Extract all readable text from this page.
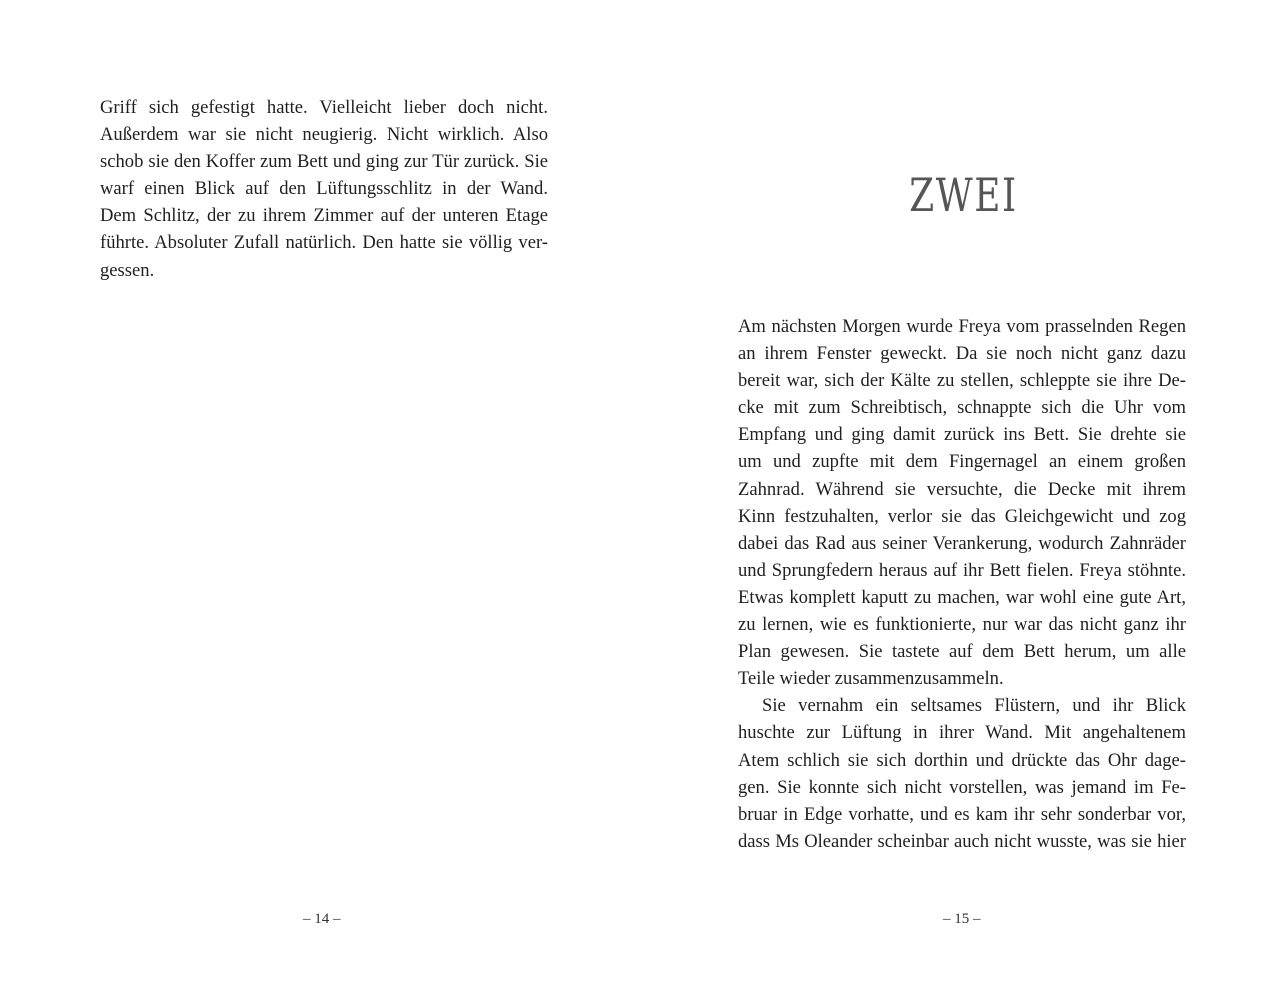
Griff sich gefestigt hatte. Vielleicht lieber doch nicht.
Außerdem war sie nicht neugierig. Nicht wirklich. Also
schob sie den Koffer zum Bett und ging zur Tür zurück. Sie
warf einen Blick auf den Lüftungsschlitz in der Wand.
Dem Schlitz, der zu ihrem Zimmer auf der unteren Etage
führte. Absoluter Zufall natürlich. Den hatte sie völlig ver-
gessen.
– 14 –
ZWEI
Am nächsten Morgen wurde Freya vom prasselnden Regen
an ihrem Fenster geweckt. Da sie noch nicht ganz dazu
bereit war, sich der Kälte zu stellen, schleppte sie ihre De-
cke mit zum Schreibtisch, schnappte sich die Uhr vom
Empfang und ging damit zurück ins Bett. Sie drehte sie
um und zupfte mit dem Fingernagel an einem großen
Zahnrad. Während sie versuchte, die Decke mit ihrem
Kinn festzuhalten, verlor sie das Gleichgewicht und zog
dabei das Rad aus seiner Verankerung, wodurch Zahnräder
und Sprungfedern heraus auf ihr Bett fielen. Freya stöhnte.
Etwas komplett kaputt zu machen, war wohl eine gute Art,
zu lernen, wie es funktionierte, nur war das nicht ganz ihr
Plan gewesen. Sie tastete auf dem Bett herum, um alle
Teile wieder zusammenzusammeln.
Sie vernahm ein seltsames Flüstern, und ihr Blick
huschte zur Lüftung in ihrer Wand. Mit angehaltenem
Atem schlich sie sich dorthin und drückte das Ohr dage-
gen. Sie konnte sich nicht vorstellen, was jemand im Fe-
bruar in Edge vorhatte, und es kam ihr sehr sonderbar vor,
dass Ms Oleander scheinbar auch nicht wusste, was sie hier
– 15 –
